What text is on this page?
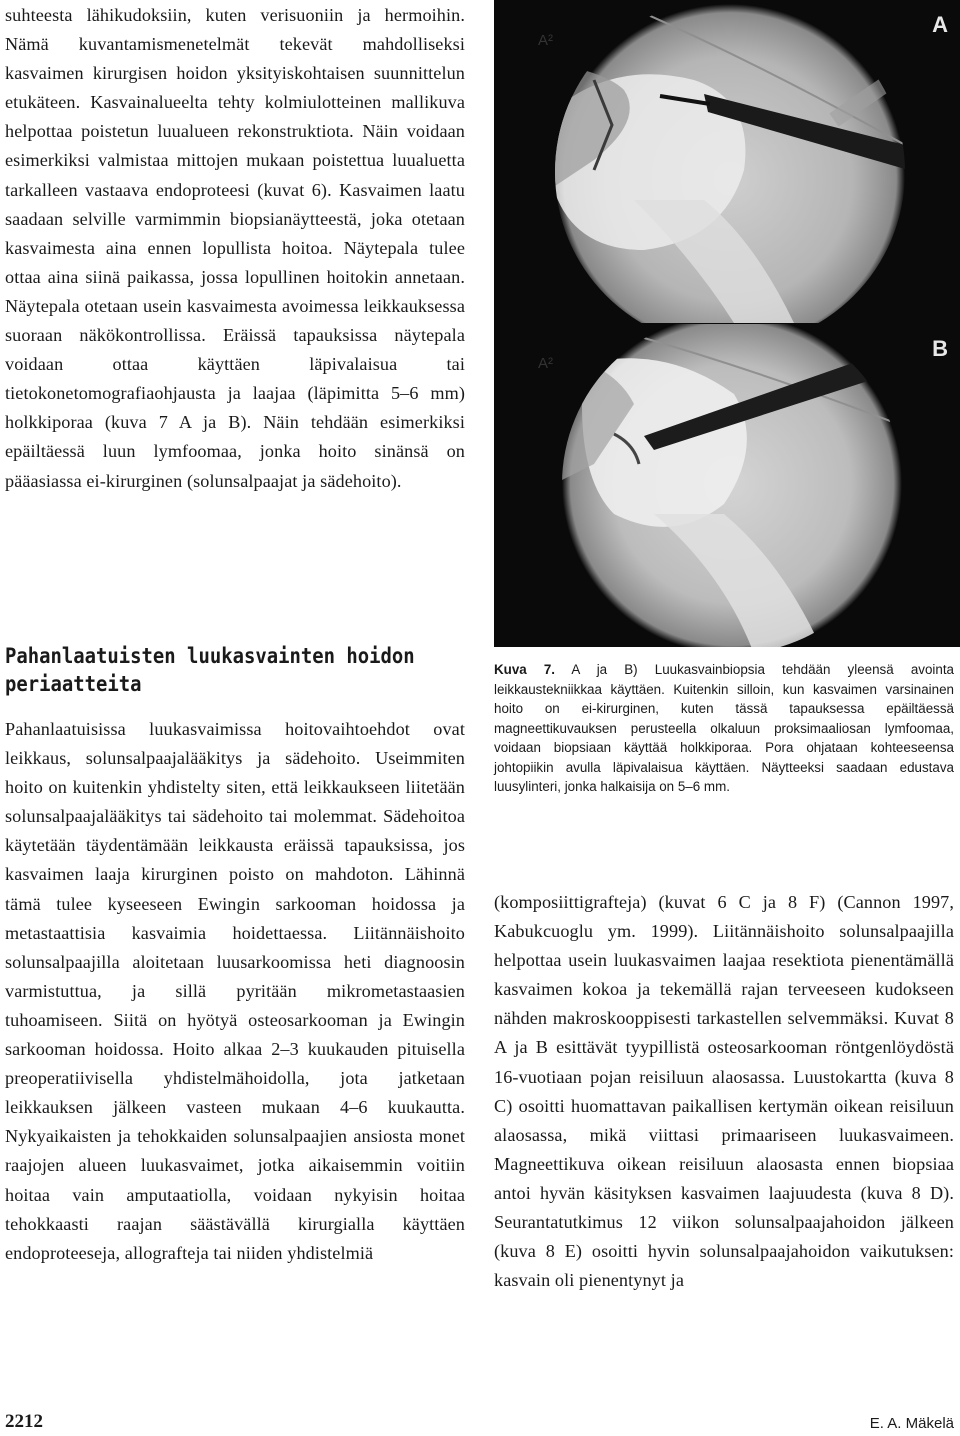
suhteesta lähikudoksiin, kuten verisuoniin ja hermoihin. Nämä kuvantamismenetelmät tekevät mahdolliseksi kasvaimen kirurgisen hoidon yksityiskohtaisen suunnittelun etukäteen. Kasvainalueelta tehty kolmiulotteinen mallikuva helpottaa poistetun luualueen rekonstruktiota. Näin voidaan esimerkiksi valmistaa mittojen mukaan poistettua luualuetta tarkalleen vastaava endoproteesi (kuvat 6). Kasvaimen laatu saadaan selville varmimmin biopsianäytteestä, joka otetaan kasvaimesta aina ennen lopullista hoitoa. Näytepala tulee ottaa aina siinä paikassa, jossa lopullinen hoitokin annetaan. Näytepala otetaan usein kasvaimesta avoimessa leikkauksessa suoraan näkökontrollissa. Eräissä tapauksissa näytepala voidaan ottaa käyttäen läpivalaisua tai tietokonetomografiaohjausta ja laajaa (läpimitta 5–6 mm) holkkiporaa (kuva 7 A ja B). Näin tehdään esimerkiksi epäiltäessä luun lymfoomaa, jonka hoito sinänsä on pääasiassa ei-kirurginen (solunsalpaajat ja sädehoito).

Pahanlaatuisten luukasvainten hoidon periaatteita

Pahanlaatuisissa luukasvaimissa hoitovaihtoehdot ovat leikkaus, solunsalpaajalääkitys ja sädehoito. Useimmiten hoito on kuitenkin yhdistelty siten, että leikkaukseen liitetään solunsalpaajalääkitys tai sädehoito tai molemmat. Sädehoitoa käytetään täydentämään leikkausta eräissä tapauksissa, jos kasvaimen laaja kirurginen poisto on mahdoton. Lähinnä tämä tulee kyseeseen Ewingin sarkooman hoidossa ja metastaattisia kasvaimia hoidettaessa. Liitännäishoito solunsalpaajilla aloitetaan luusarkoomissa heti diagnoosin varmistuttua, ja sillä pyritään mikrometastaasien tuhoamiseen. Siitä on hyötyä osteosarkooman ja Ewingin sarkooman hoidossa. Hoito alkaa 2–3 kuukauden pituisella preoperatiivisella yhdistelmähoidolla, jota jatketaan leikkauksen jälkeen vasteen mukaan 4–6 kuukautta. Nykyaikaisten ja tehokkaiden solunsalpaajien ansiosta monet raajojen alueen luukasvaimet, jotka aikaisemmin voitiin hoitaa vain amputaatiolla, voidaan nykyisin hoitaa tehokkaasti raajan säästävällä kirurgialla käyttäen endoproteeseja, allografteja tai niiden yhdistelmiä

A²
A
A²
B

Kuva 7. A ja B) Luukasvainbiopsia tehdään yleensä avointa leikkaustekniikkaa käyttäen. Kuitenkin silloin, kun kasvaimen varsinainen hoito on ei-kirurginen, kuten tässä tapauksessa epäiltäessä magneettikuvauksen perusteella olkaluun proksimaaliosan lymfoomaa, voidaan biopsiaan käyttää holkkiporaa. Pora ohjataan kohteeseensa johtopiikin avulla läpivalaisua käyttäen. Näytteeksi saadaan edustava luusylinteri, jonka halkaisija on 5–6 mm.

(komposiittigrafteja) (kuvat 6 C ja 8 F) (Cannon 1997, Kabukcuoglu ym. 1999). Liitännäishoito solunsalpaajilla helpottaa usein luukasvaimen laajaa resektiota pienentämällä kasvaimen kokoa ja tekemällä rajan terveeseen kudokseen nähden makroskooppisesti tarkastellen selvemmäksi. Kuvat 8 A ja B esittävät tyypillistä osteosarkooman röntgenlöydöstä 16-vuotiaan pojan reisiluun alaosassa. Luustokartta (kuva 8 C) osoitti huomattavan paikallisen kertymän oikean reisiluun alaosassa, mikä viittasi primaariseen luukasvaimeen. Magneettikuva oikean reisiluun alaosasta ennen biopsiaa antoi hyvän käsityksen kasvaimen laajuudesta (kuva 8 D). Seurantatutkimus 12 viikon solunsalpaajahoidon jälkeen (kuva 8 E) osoitti hyvin solunsalpaajahoidon vaikutuksen: kasvain oli pienentynyt ja

2212	E. A. Mäkelä
